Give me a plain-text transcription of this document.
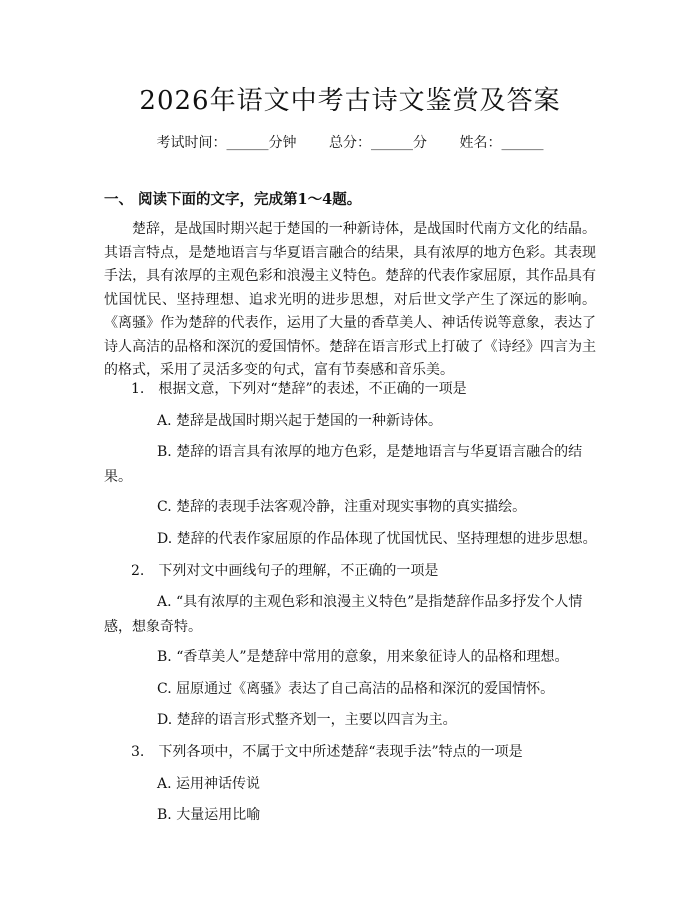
2026年语文中考古诗文鉴赏及答案
考试时间：______分钟 总分：______分 姓名：______
一、 阅读下面的文字，完成第1～4题。
楚辞，是战国时期兴起于楚国的一种新诗体，是战国时代南方文化的结晶。其语言特点，是楚地语言与华夏语言融合的结果，具有浓厚的地方色彩。其表现手法，具有浓厚的主观色彩和浪漫主义特色。楚辞的代表作家屈原，其作品具有忧国忧民、坚持理想、追求光明的进步思想，对后世文学产生了深远的影响。《离骚》作为楚辞的代表作，运用了大量的香草美人、神话传说等意象，表达了诗人高洁的品格和深沉的爱国情怀。楚辞在语言形式上打破了《诗经》四言为主的格式，采用了灵活多变的句式，富有节奏感和音乐美。
1.　根据文意，下列对“楚辞”的表述，不正确的一项是
A. 楚辞是战国时期兴起于楚国的一种新诗体。
B. 楚辞的语言具有浓厚的地方色彩，是楚地语言与华夏语言融合的结果。
C. 楚辞的表现手法客观冷静，注重对现实事物的真实描绘。
D. 楚辞的代表作家屈原的作品体现了忧国忧民、坚持理想的进步思想。
2.　下列对文中画线句子的理解，不正确的一项是
A. “具有浓厚的主观色彩和浪漫主义特色”是指楚辞作品多抒发个人情感，想象奇特。
B. “香草美人”是楚辞中常用的意象，用来象征诗人的品格和理想。
C. 屈原通过《离骚》表达了自己高洁的品格和深沉的爱国情怀。
D. 楚辞的语言形式整齐划一，主要以四言为主。
3.　下列各项中，不属于文中所述楚辞“表现手法”特点的一项是
A. 运用神话传说
B. 大量运用比喻
